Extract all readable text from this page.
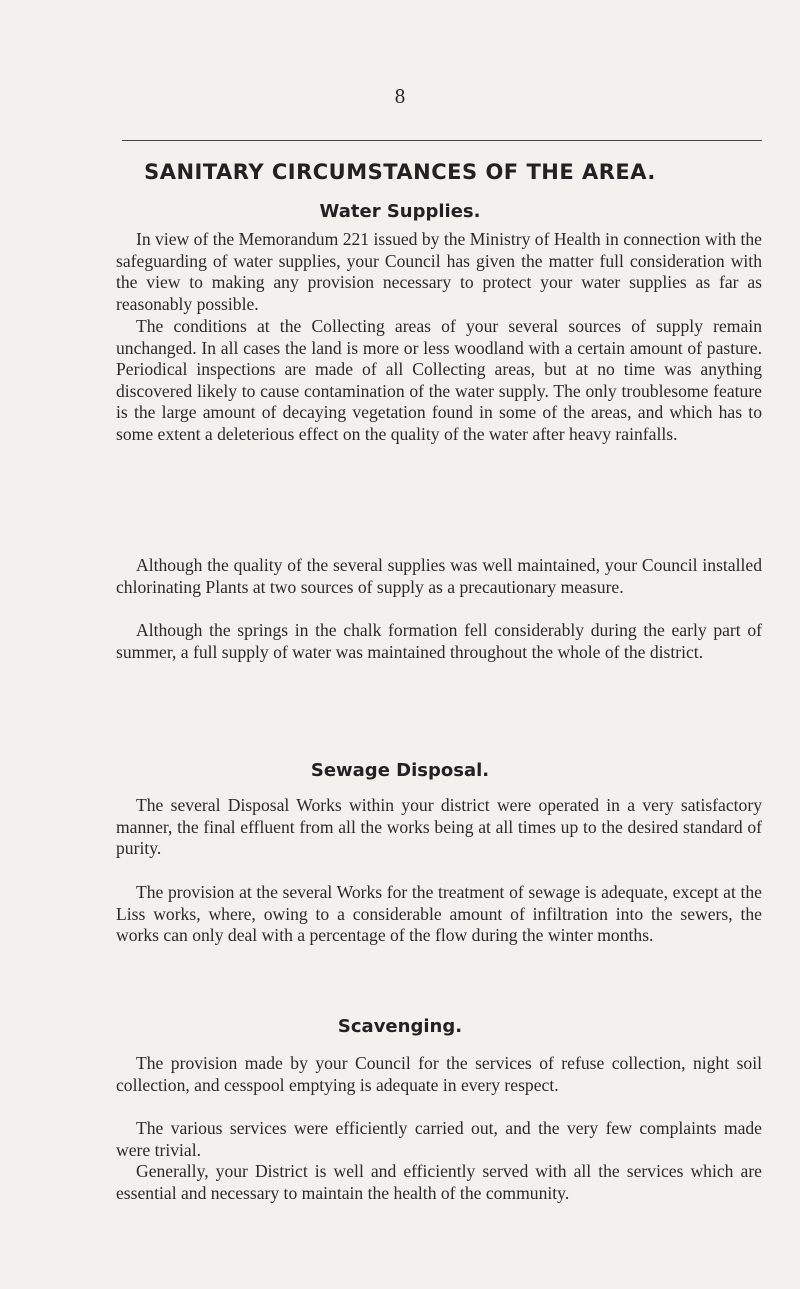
8
SANITARY CIRCUMSTANCES OF THE AREA.
Water Supplies.

In view of the Memorandum 221 issued by the Ministry of Health in connection with the safeguarding of water supplies, your Council has given the matter full consideration with the view to making any provision necessary to protect your water supplies as far as reasonably possible.

The conditions at the Collecting areas of your several sources of supply remain unchanged. In all cases the land is more or less woodland with a certain amount of pasture. Periodical inspections are made of all Collecting areas, but at no time was anything discovered likely to cause contamination of the water supply. The only troublesome feature is the large amount of decaying vegetation found in some of the areas, and which has to some extent a deleterious effect on the quality of the water after heavy rainfalls.

Although the quality of the several supplies was well maintained, your Council installed chlorinating Plants at two sources of supply as a precautionary measure.

Although the springs in the chalk formation fell considerably during the early part of summer, a full supply of water was maintained throughout the whole of the district.

Sewage Disposal.

The several Disposal Works within your district were operated in a very satisfactory manner, the final effluent from all the works being at all times up to the desired standard of purity.

The provision at the several Works for the treatment of sewage is adequate, except at the Liss works, where, owing to a considerable amount of infiltration into the sewers, the works can only deal with a percentage of the flow during the winter months.

Scavenging.

The provision made by your Council for the services of refuse collection, night soil collection, and cesspool emptying is adequate in every respect.

The various services were efficiently carried out, and the very few complaints made were trivial.

Generally, your District is well and efficiently served with all the services which are essential and necessary to maintain the health of the community.
